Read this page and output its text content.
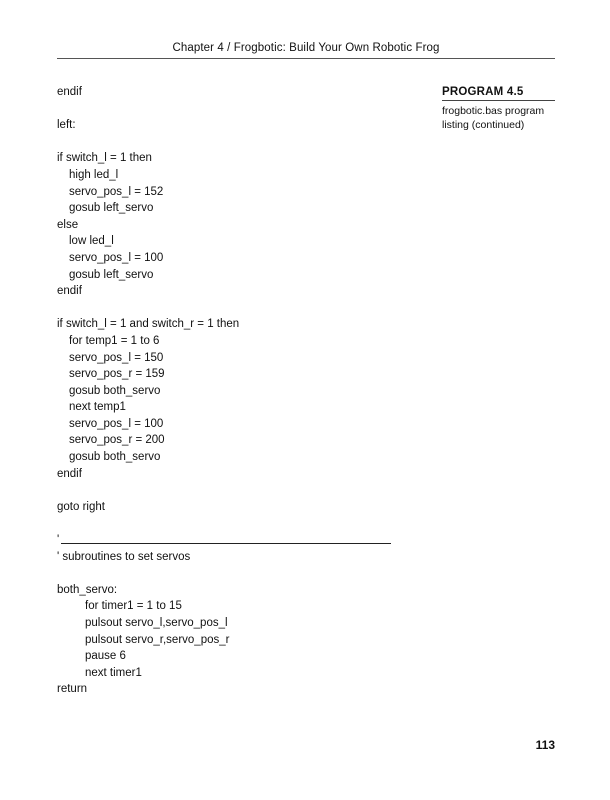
Chapter 4 / Frogbotic: Build Your Own Robotic Frog
endif
left:
if switch_l = 1 then
high led_l
servo_pos_l = 152
gosub left_servo
else
low led_l
servo_pos_l = 100
gosub left_servo
endif
if switch_l = 1 and switch_r = 1 then
for temp1 = 1 to 6
servo_pos_l = 150
servo_pos_r = 159
gosub both_servo
next temp1
servo_pos_l = 100
servo_pos_r = 200
gosub both_servo
endif
goto right
'
' subroutines to set servos
both_servo:
for timer1 = 1 to 15
pulsout servo_l,servo_pos_l
pulsout servo_r,servo_pos_r
pause 6
next timer1
return
PROGRAM 4.5
frogbotic.bas program listing (continued)
113
